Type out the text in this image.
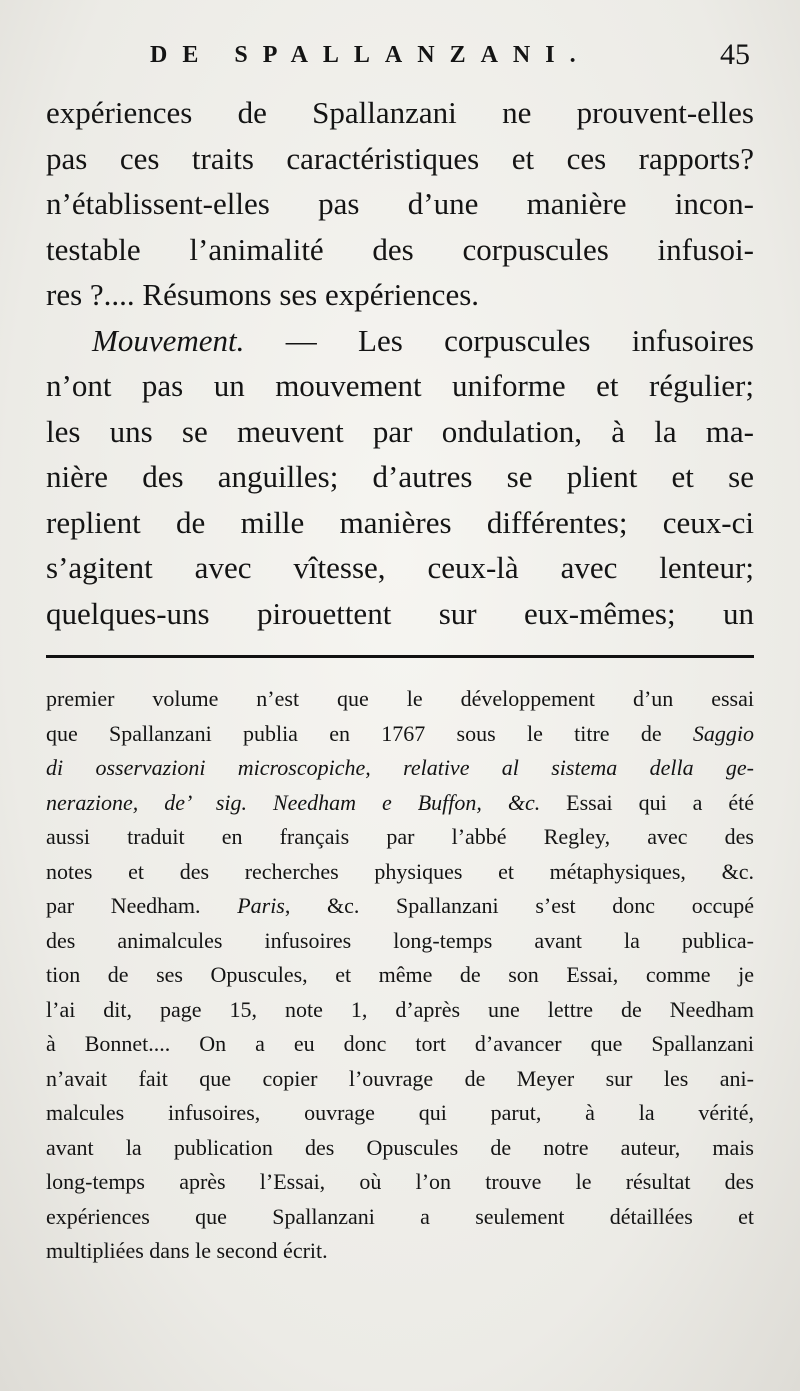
DE SPALLANZANI.	45
expériences de Spallanzani ne prouvent-elles
pas ces traits caractéristiques et ces rapports?
n’établissent-elles pas d’une manière incon-
testable l’animalité des corpuscules infusoi-
res ?.... Résumons ses expériences.
Mouvement. — Les corpuscules infusoires
n’ont pas un mouvement uniforme et régulier;
les uns se meuvent par ondulation, à la ma-
nière des anguilles; d’autres se plient et se
replient de mille manières différentes; ceux-ci
s’agitent avec vîtesse, ceux-là avec lenteur;
quelques-uns pirouettent sur eux-mêmes; un
premier volume n’est que le développement d’un essai
que Spallanzani publia en 1767 sous le titre de Saggio
di osservazioni microscopiche, relative al sistema della ge-
nerazione, de’ sig. Needham e Buffon, &c. Essai qui a été
aussi traduit en français par l’abbé Regley, avec des
notes et des recherches physiques et métaphysiques, &c.
par Needham. Paris, &c. Spallanzani s’est donc occupé
des animalcules infusoires long-temps avant la publica-
tion de ses Opuscules, et même de son Essai, comme je
l’ai dit, page 15, note 1, d’après une lettre de Needham
à Bonnet.... On a eu donc tort d’avancer que Spallanzani
n’avait fait que copier l’ouvrage de Meyer sur les ani-
malcules infusoires, ouvrage qui parut, à la vérité,
avant la publication des Opuscules de notre auteur, mais
long-temps après l’Essai, où l’on trouve le résultat des
expériences que Spallanzani a seulement détaillées et
multipliées dans le second écrit.
